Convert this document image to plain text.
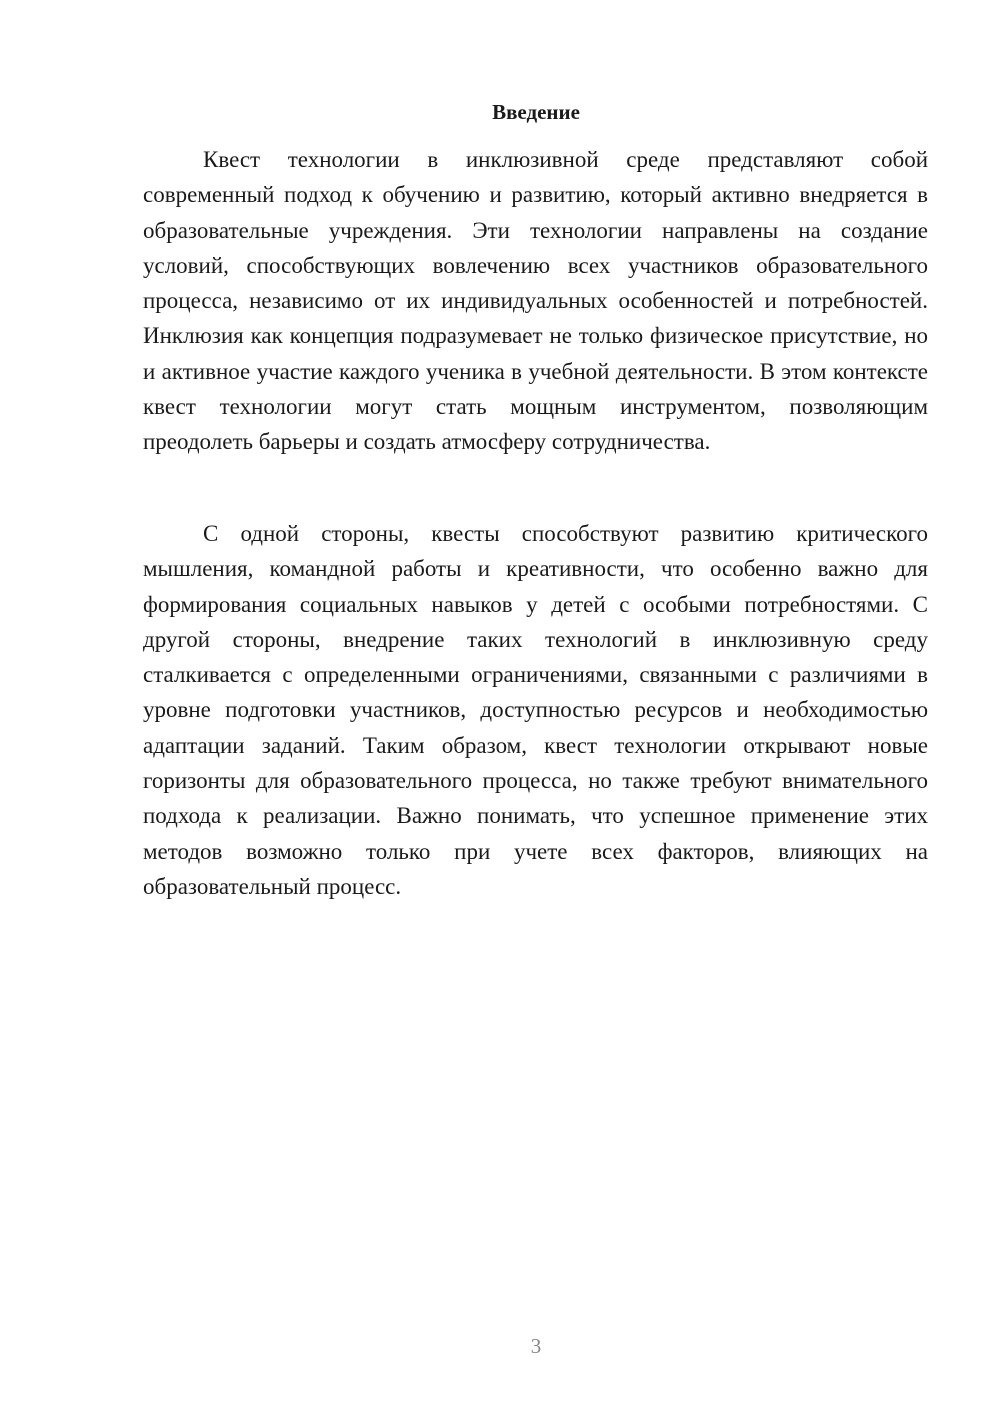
Введение

Квест технологии в инклюзивной среде представляют собой современный подход к обучению и развитию, который активно внедряется в образовательные учреждения. Эти технологии направлены на создание условий, способствующих вовлечению всех участников образовательного процесса, независимо от их индивидуальных особенностей и потребностей. Инклюзия как концепция подразумевает не только физическое присутствие, но и активное участие каждого ученика в учебной деятельности. В этом контексте квест технологии могут стать мощным инструментом, позволяющим преодолеть барьеры и создать атмосферу сотрудничества.

С одной стороны, квесты способствуют развитию критического мышления, командной работы и креативности, что особенно важно для формирования социальных навыков у детей с особыми потребностями. С другой стороны, внедрение таких технологий в инклюзивную среду сталкивается с определенными ограничениями, связанными с различиями в уровне подготовки участников, доступностью ресурсов и необходимостью адаптации заданий. Таким образом, квест технологии открывают новые горизонты для образовательного процесса, но также требуют внимательного подхода к реализации. Важно понимать, что успешное применение этих методов возможно только при учете всех факторов, влияющих на образовательный процесс.

3
